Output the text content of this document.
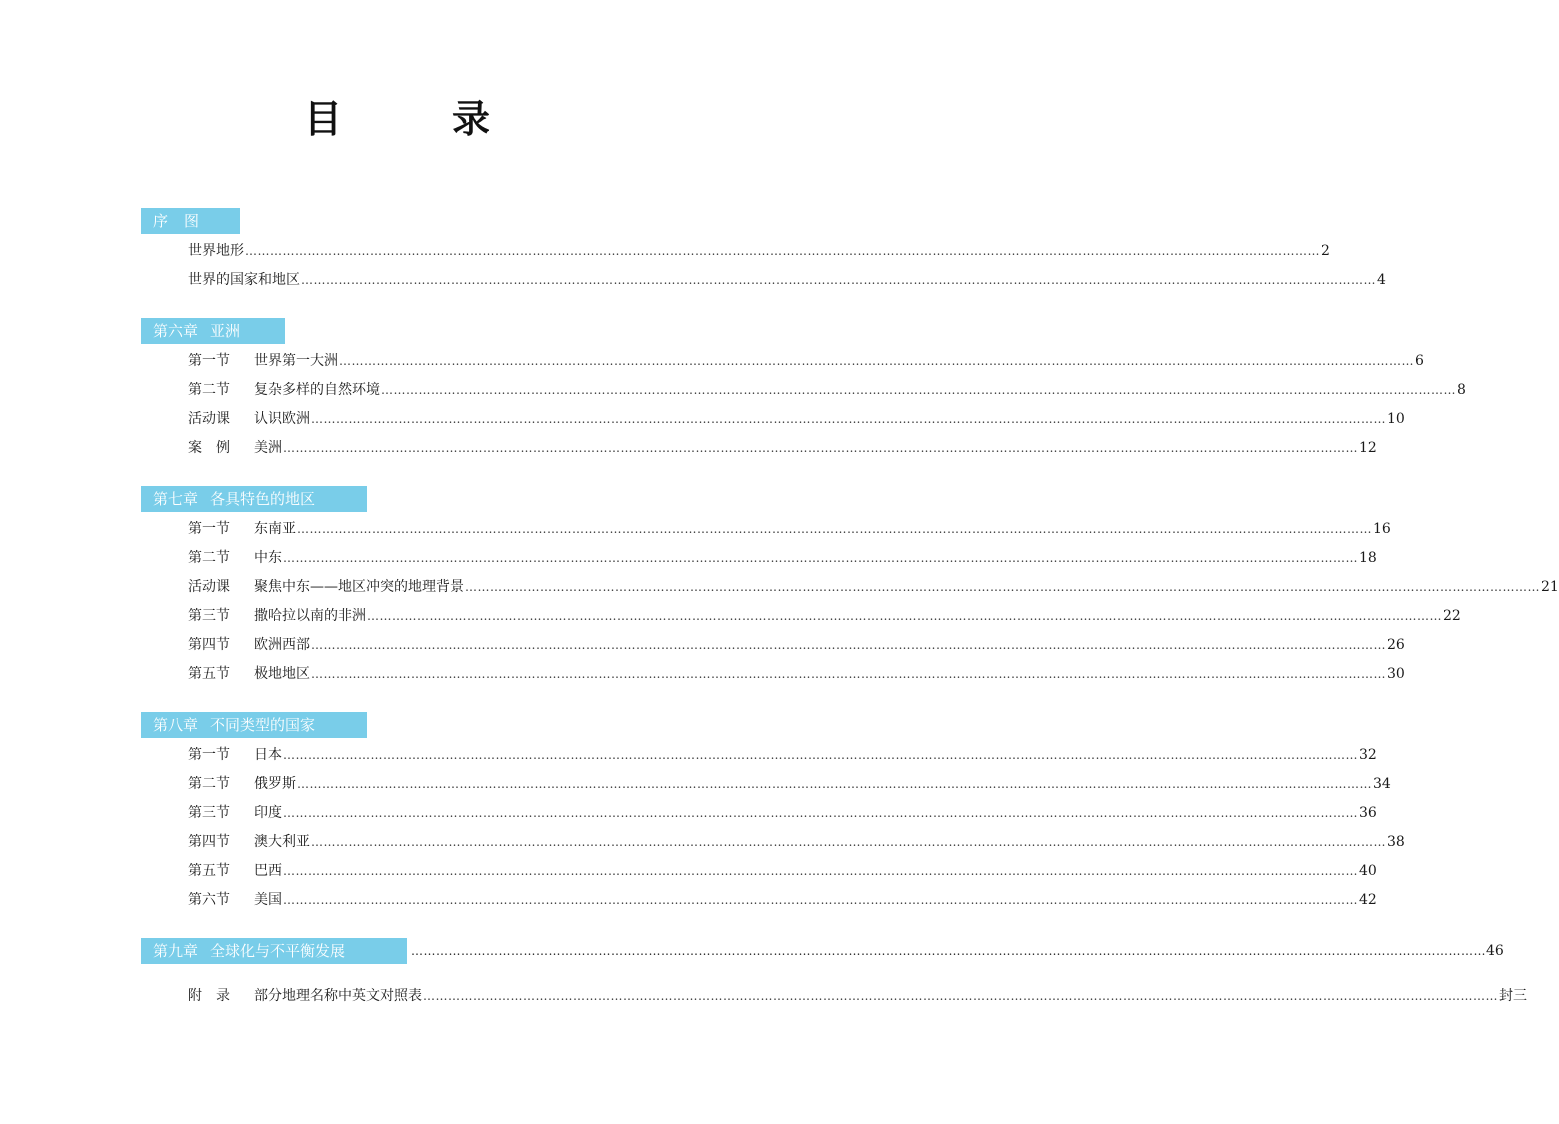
目　录
序 图
世界地形 …………………………………………………………………………………………………………………………………………………………………………………………………………………………………… 2
世界的国家和地区 …………………………………………………………………………………………………………………………………………………………………………………………………………………………………… 4
第六章 亚洲
第一节	世界第一大洲 …………………………………………………………………………………………………………………………………………………………………………………………………………………………………… 6
第二节	复杂多样的自然环境 …………………………………………………………………………………………………………………………………………………………………………………………………………………………………… 8
活动课	认识欧洲 …………………………………………………………………………………………………………………………………………………………………………………………………………………………………… 10
案　例	美洲 …………………………………………………………………………………………………………………………………………………………………………………………………………………………………… 12
第七章 各具特色的地区
第一节	东南亚 …………………………………………………………………………………………………………………………………………………………………………………………………………………………………… 16
第二节	中东 …………………………………………………………………………………………………………………………………………………………………………………………………………………………………… 18
活动课	聚焦中东——地区冲突的地理背景 …………………………………………………………………………………………………………………………………………………………………………………………………………………………………… 21
第三节	撒哈拉以南的非洲 …………………………………………………………………………………………………………………………………………………………………………………………………………………………………… 22
第四节	欧洲西部 …………………………………………………………………………………………………………………………………………………………………………………………………………………………………… 26
第五节	极地地区 …………………………………………………………………………………………………………………………………………………………………………………………………………………………………… 30
第八章 不同类型的国家
第一节	日本 …………………………………………………………………………………………………………………………………………………………………………………………………………………………………… 32
第二节	俄罗斯 …………………………………………………………………………………………………………………………………………………………………………………………………………………………………… 34
第三节	印度 …………………………………………………………………………………………………………………………………………………………………………………………………………………………………… 36
第四节	澳大利亚 …………………………………………………………………………………………………………………………………………………………………………………………………………………………………… 38
第五节	巴西 …………………………………………………………………………………………………………………………………………………………………………………………………………………………………… 40
第六节	美国 …………………………………………………………………………………………………………………………………………………………………………………………………………………………………… 42
第九章 全球化与不平衡发展	…………………………………………………………………………………………………………………………………………………………………………………………………………………………………… 46
附　录	部分地理名称中英文对照表 …………………………………………………………………………………………………………………………………………………………………………………………………………………………………… 封三
